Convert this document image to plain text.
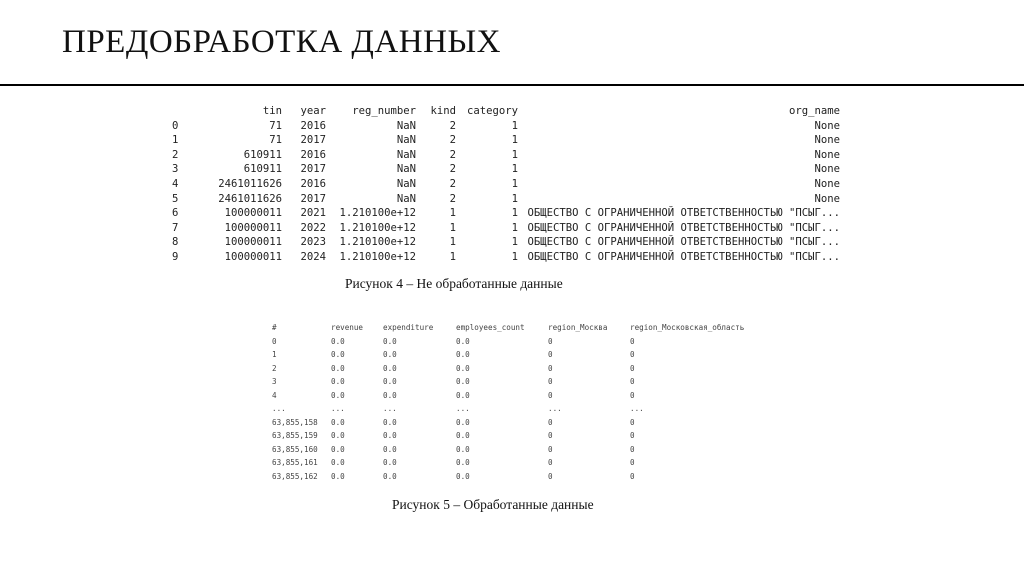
ПРЕДОБРАБОТКА ДАННЫХ
	tin	year	reg_number	kind	category	org_name
0	71	2016	NaN	2	1	None
1	71	2017	NaN	2	1	None
2	610911	2016	NaN	2	1	None
3	610911	2017	NaN	2	1	None
4	2461011626	2016	NaN	2	1	None
5	2461011626	2017	NaN	2	1	None
6	100000011	2021	1.210100e+12	1	1	ОБЩЕСТВО С ОГРАНИЧЕННОЙ ОТВЕТСТВЕННОСТЬЮ "ПСЫГ...
7	100000011	2022	1.210100e+12	1	1	ОБЩЕСТВО С ОГРАНИЧЕННОЙ ОТВЕТСТВЕННОСТЬЮ "ПСЫГ...
8	100000011	2023	1.210100e+12	1	1	ОБЩЕСТВО С ОГРАНИЧЕННОЙ ОТВЕТСТВЕННОСТЬЮ "ПСЫГ...
9	100000011	2024	1.210100e+12	1	1	ОБЩЕСТВО С ОГРАНИЧЕННОЙ ОТВЕТСТВЕННОСТЬЮ "ПСЫГ...
Рисунок 4 – Не обработанные данные
#	revenue	expenditure	employees_count	region_Москва	region_Московская_область
0	0.0	0.0	0.0	0	0
1	0.0	0.0	0.0	0	0
2	0.0	0.0	0.0	0	0
3	0.0	0.0	0.0	0	0
4	0.0	0.0	0.0	0	0
...	...	...	...	...	...
63,855,158	0.0	0.0	0.0	0	0
63,855,159	0.0	0.0	0.0	0	0
63,855,160	0.0	0.0	0.0	0	0
63,855,161	0.0	0.0	0.0	0	0
63,855,162	0.0	0.0	0.0	0	0
Рисунок 5 – Обработанные данные
